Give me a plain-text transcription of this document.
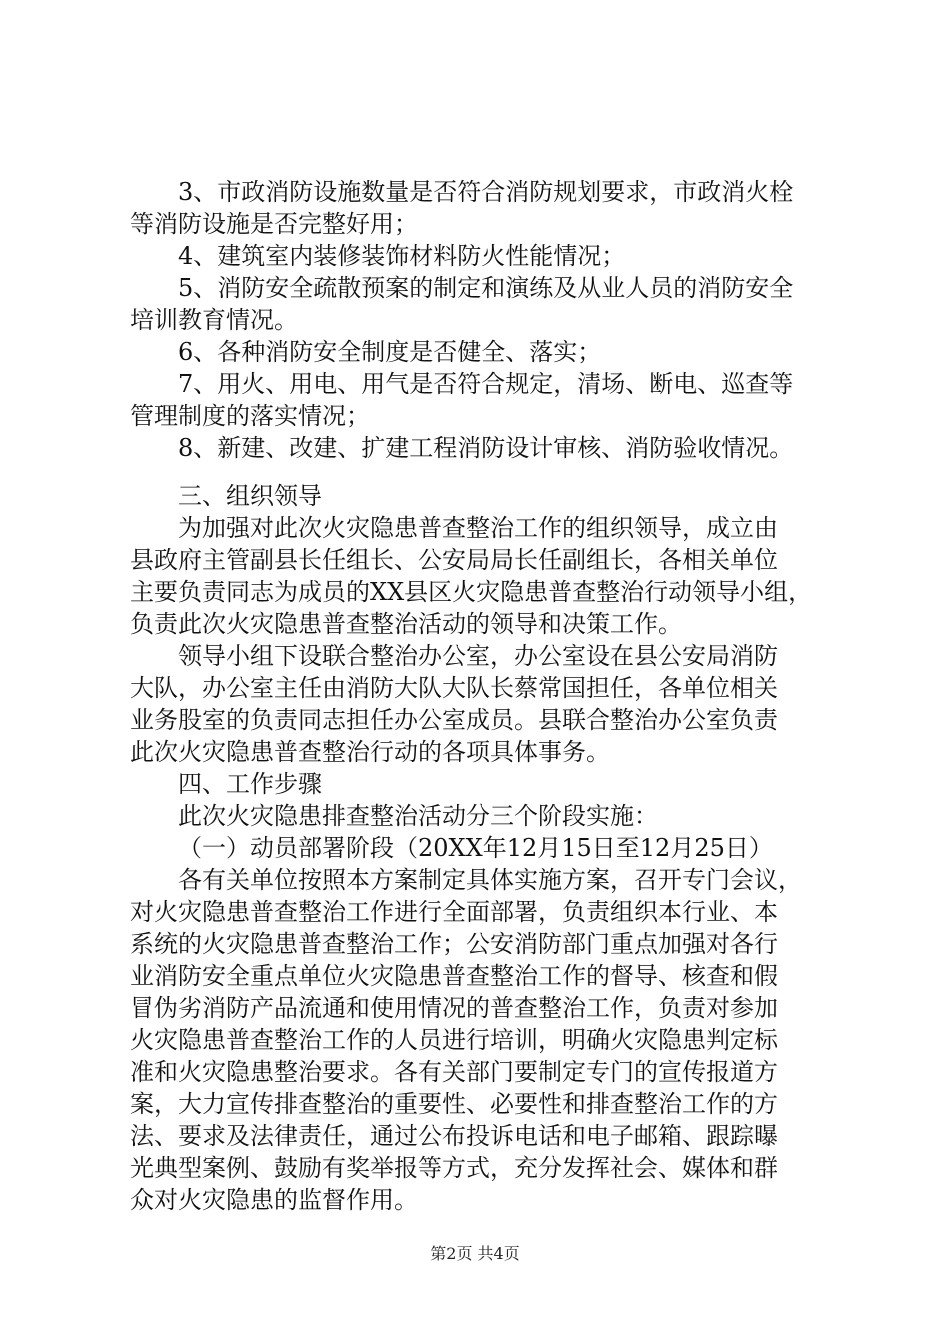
3、市政消防设施数量是否符合消防规划要求，市政消火栓
等消防设施是否完整好用；
4、建筑室内装修装饰材料防火性能情况；
5、消防安全疏散预案的制定和演练及从业人员的消防安全
培训教育情况。
6、各种消防安全制度是否健全、落实；
7、用火、用电、用气是否符合规定，清场、断电、巡查等
管理制度的落实情况；
8、新建、改建、扩建工程消防设计审核、消防验收情况。
三、组织领导
为加强对此次火灾隐患普查整治工作的组织领导，成立由
县政府主管副县长任组长、公安局局长任副组长，各相关单位
主要负责同志为成员的XX县区火灾隐患普查整治行动领导小组，
负责此次火灾隐患普查整治活动的领导和决策工作。
领导小组下设联合整治办公室，办公室设在县公安局消防
大队，办公室主任由消防大队大队长蔡常国担任，各单位相关
业务股室的负责同志担任办公室成员。县联合整治办公室负责
此次火灾隐患普查整治行动的各项具体事务。
四、工作步骤
此次火灾隐患排查整治活动分三个阶段实施：
（一）动员部署阶段（20XX年12月15日至12月25日）
各有关单位按照本方案制定具体实施方案，召开专门会议，
对火灾隐患普查整治工作进行全面部署，负责组织本行业、本
系统的火灾隐患普查整治工作；公安消防部门重点加强对各行
业消防安全重点单位火灾隐患普查整治工作的督导、核查和假
冒伪劣消防产品流通和使用情况的普查整治工作，负责对参加
火灾隐患普查整治工作的人员进行培训，明确火灾隐患判定标
准和火灾隐患整治要求。各有关部门要制定专门的宣传报道方
案，大力宣传排查整治的重要性、必要性和排查整治工作的方
法、要求及法律责任，通过公布投诉电话和电子邮箱、跟踪曝
光典型案例、鼓励有奖举报等方式，充分发挥社会、媒体和群
众对火灾隐患的监督作用。
第2页 共4页
